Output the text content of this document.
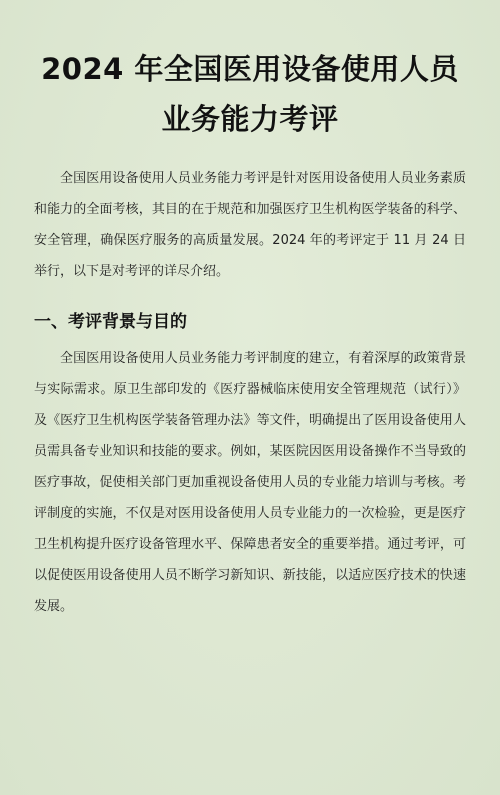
2024 年全国医用设备使用人员
业务能力考评

全国医用设备使用人员业务能力考评是针对医用设备使用人员业务素质和能力的全面考核，其目的在于规范和加强医疗卫生机构医学装备的科学、安全管理，确保医疗服务的高质量发展。2024 年的考评定于 11 月 24 日举行，以下是对考评的详尽介绍。

一、考评背景与目的

全国医用设备使用人员业务能力考评制度的建立，有着深厚的政策背景与实际需求。原卫生部印发的《医疗器械临床使用安全管理规范（试行）》及《医疗卫生机构医学装备管理办法》等文件，明确提出了医用设备使用人员需具备专业知识和技能的要求。例如，某医院因医用设备操作不当导致的医疗事故，促使相关部门更加重视设备使用人员的专业能力培训与考核。考评制度的实施，不仅是对医用设备使用人员专业能力的一次检验，更是医疗卫生机构提升医疗设备管理水平、保障患者安全的重要举措。通过考评，可以促使医用设备使用人员不断学习新知识、新技能，以适应医疗技术的快速发展。
